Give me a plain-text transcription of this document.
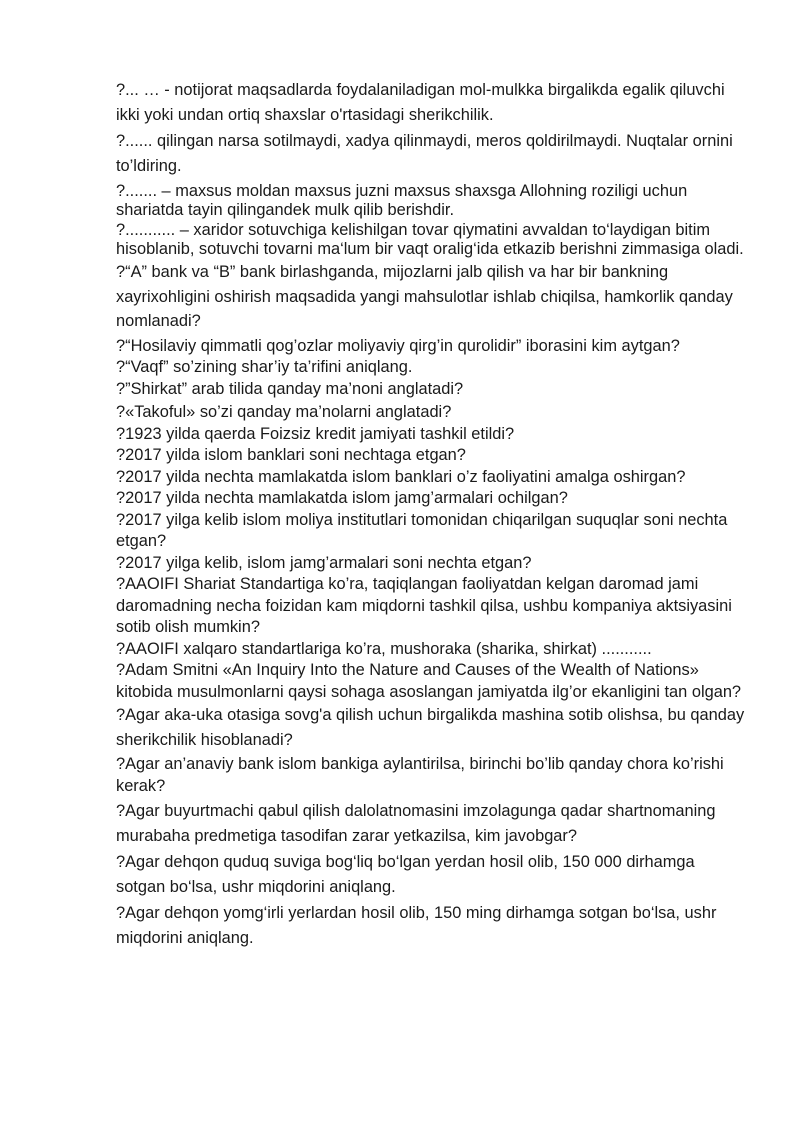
?... … - notijorat maqsadlarda foydalaniladigan mol-mulkka birgalikda egalik qiluvchi ikki yoki undan ortiq shaxslar o'rtasidagi sherikchilik.

?...... qilingan narsa sotilmaydi, xadya qilinmaydi, meros qoldirilmaydi. Nuqtalar ornini to’ldiring.

?....... – maxsus moldan maxsus juzni maxsus shaxsga Allohning roziligi uchun shariatda tayin qilingandek mulk qilib berishdir.

?........... – xaridor sotuvchiga kelishilgan tovar qiymatini avvaldan to‘laydigan bitim hisoblanib, sotuvchi tovarni ma‘lum bir vaqt oralig‘ida etkazib berishni zimmasiga oladi.

?“A” bank va “B” bank birlashganda, mijozlarni jalb qilish va har bir bankning xayrixohligini oshirish maqsadida yangi mahsulotlar ishlab chiqilsa, hamkorlik qanday nomlanadi?

?“Hosilaviy qimmatli qog’ozlar moliyaviy qirg’in qurolidir” iborasini kim aytgan?

?“Vaqf” so’zining shar’iy ta’rifini aniqlang.

?”Shirkat” arab tilida qanday ma’noni anglatadi?

?«Takoful» so’zi qanday ma’nolarni anglatadi?

?1923 yilda qaerda Foizsiz kredit jamiyati tashkil etildi?

?2017 yilda islom banklari soni nechtaga etgan?

?2017 yilda nechta mamlakatda islom banklari o’z faoliyatini amalga oshirgan?

?2017 yilda nechta mamlakatda islom jamg’armalari ochilgan?

?2017 yilga kelib islom moliya institutlari tomonidan chiqarilgan suquqlar soni nechta etgan?

?2017 yilga kelib, islom jamg’armalari soni nechta etgan?

?AAOIFI Shariat Standartiga ko’ra, taqiqlangan faoliyatdan kelgan daromad jami daromadning necha foizidan kam miqdorni tashkil qilsa, ushbu kompaniya aktsiyasini sotib olish mumkin?

?AAOIFI xalqaro standartlariga ko’ra, mushoraka (sharika, shirkat) ...........

?Adam Smitni «An Inquiry Into the Nature and Causes of the Wealth of Nations» kitobida musulmonlarni qaysi sohaga asoslangan jamiyatda ilg’or ekanligini tan olgan?

?Agar aka-uka otasiga sovg'a qilish uchun birgalikda mashina sotib olishsa, bu qanday sherikchilik hisoblanadi?

?Agar an’anaviy bank islom bankiga aylantirilsa, birinchi bo’lib qanday chora ko’rishi kerak?

?Agar buyurtmachi qabul qilish dalolatnomasini imzolagunga qadar shartnomaning murabaha predmetiga tasodifan zarar yetkazilsa, kim javobgar?

?Agar dehqon quduq suviga bog‘liq bo‘lgan yerdan hosil olib, 150 000 dirhamga sotgan bo‘lsa, ushr miqdorini aniqlang.

?Agar dehqon yomg‘irli yerlardan hosil olib, 150 ming dirhamga sotgan bo‘lsa, ushr miqdorini aniqlang.
